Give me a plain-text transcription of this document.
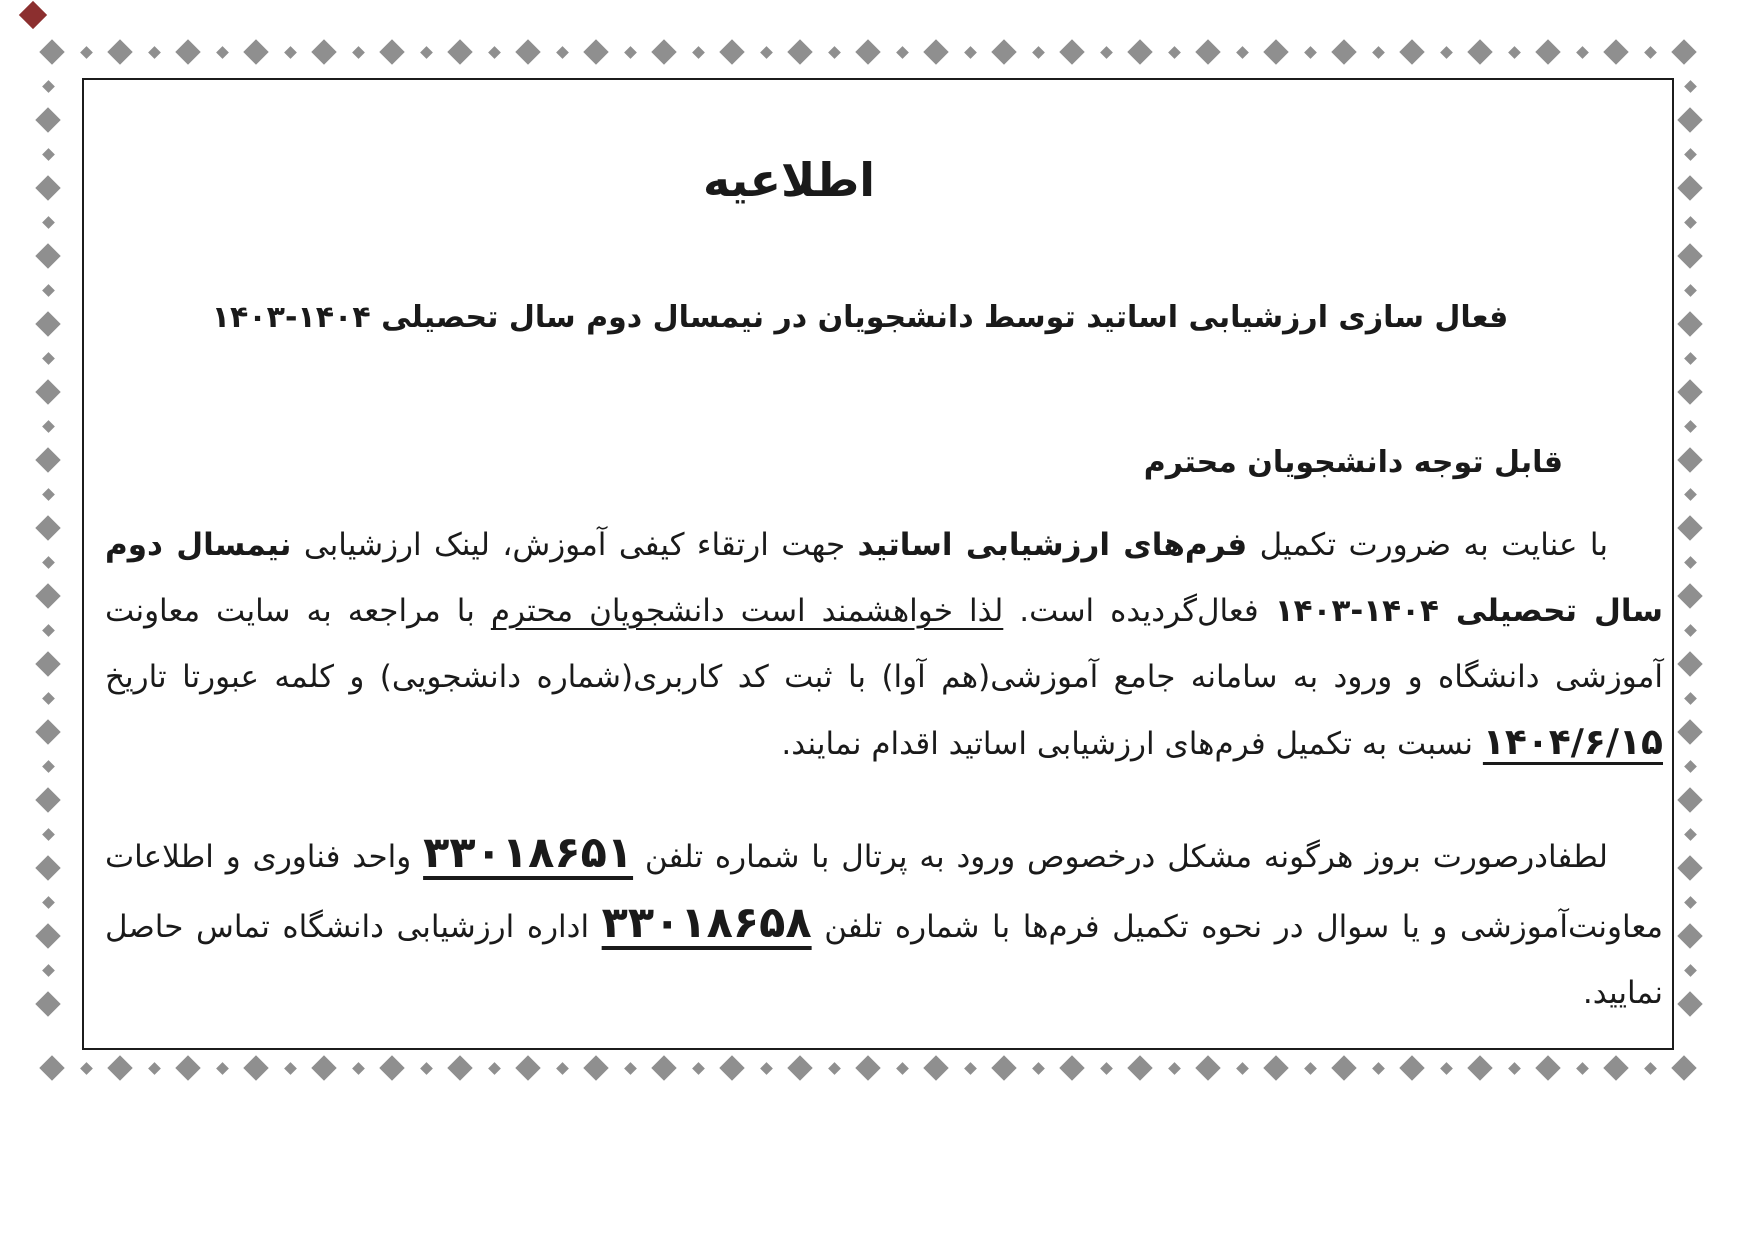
اطلاعیه
فعال سازی ارزشیابی اساتید توسط دانشجویان در نیمسال دوم سال تحصیلی ۱۴۰۴-۱۴۰۳
قابل توجه دانشجویان محترم

با عنایت به ضرورت تکمیل فرم‌های ارزشیابی اساتید جهت ارتقاء کیفی آموزش، لینک ارزشیابی نیمسال دوم سال تحصیلی ۱۴۰۴-۱۴۰۳ فعال‌گردیده است. لذا خواهشمند است دانشجویان محترم با مراجعه به سایت معاونت آموزشی دانشگاه و ورود به سامانه جامع آموزشی(هم آوا) با ثبت کد کاربری(شماره دانشجویی) و کلمه عبورتا تاریخ ۱۴۰۴/۶/۱۵ نسبت به تکمیل فرم‌های ارزشیابی اساتید اقدام نمایند.

لطفادرصورت بروز هرگونه مشکل درخصوص ورود به پرتال با شماره تلفن ۳۳۰۱۸۶۵۱ واحد فناوری و اطلاعات معاونت‌آموزشی و یا سوال در نحوه تکمیل فرم‌ها با شماره تلفن ۳۳۰۱۸۶۵۸ اداره ارزشیابی دانشگاه تماس حاصل نمایید.
